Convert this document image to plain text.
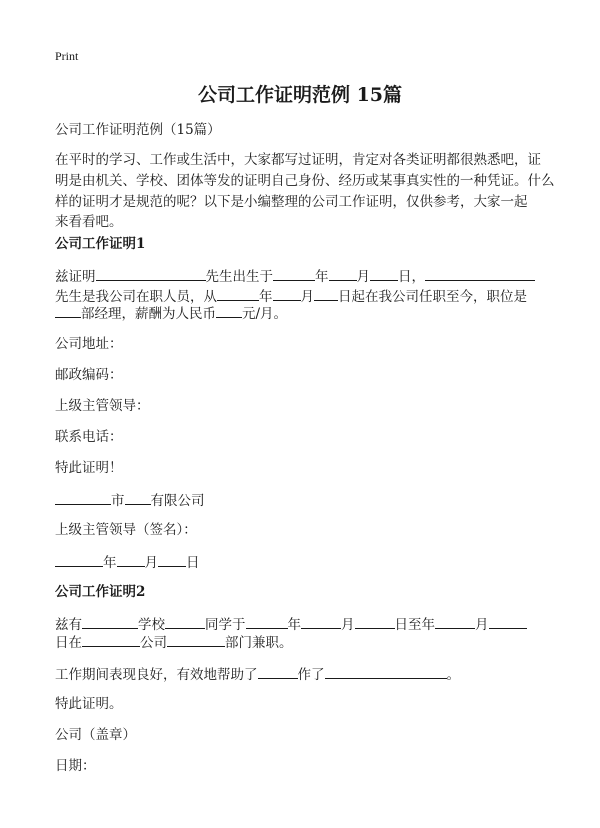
Print
公司工作证明范例 15篇
公司工作证明范例（15篇）
在平时的学习、工作或生活中，大家都写过证明，肯定对各类证明都很熟悉吧，证
明是由机关、学校、团体等发的证明自己身份、经历或某事真实性的一种凭证。什么
样的证明才是规范的呢？以下是小编整理的公司工作证明，仅供参考，大家一起
来看看吧。
公司工作证明1
兹证明	先生出生于	年 月 日，
先生是我公司在职人员，从	年 月 日起在我公司任职至今，职位是
部经理，薪酬为人民币 元/月。
公司地址：
邮政编码：
上级主管领导：
联系电话：
特此证明！
市 有限公司
上级主管领导（签名）：
年 月 日
公司工作证明2
兹有	学校	同学于	年	月	日至年	月
日在	公司	部门兼职。
工作期间表现良好，有效地帮助了	作了	。
特此证明。
公司（盖章）
日期：
